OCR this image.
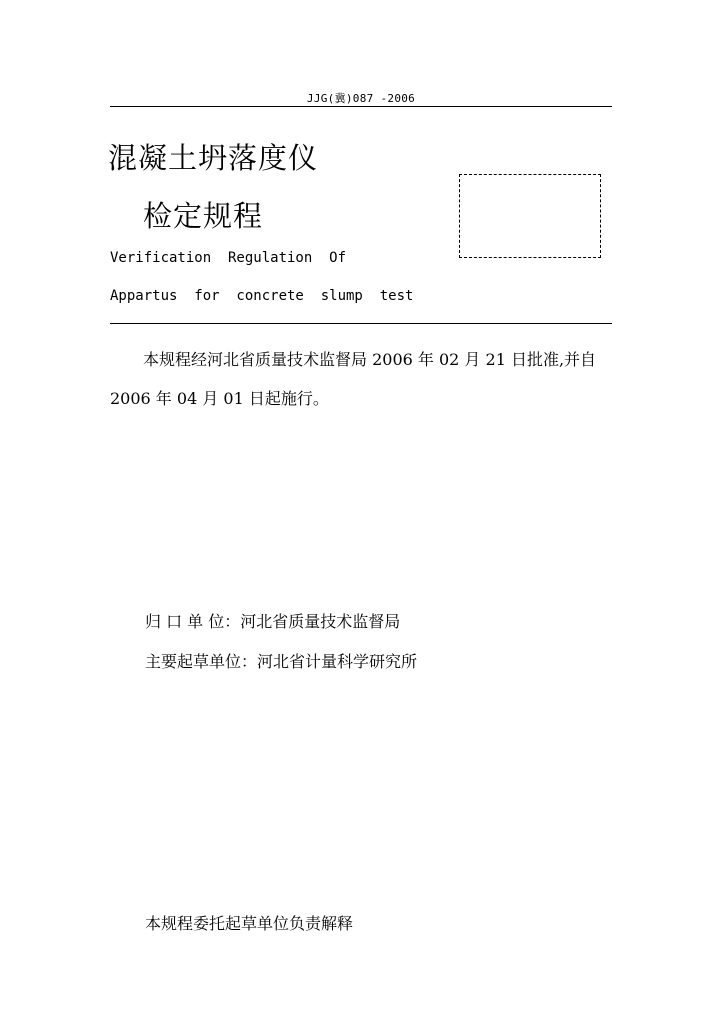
JJG(冀)087 -2006
混凝土坍落度仪
检定规程
Verification  Regulation  Of
Appartus  for  concrete  slump  test
本规程经河北省质量技术监督局 2006 年 02 月 21 日批准,并自 2006 年 04 月 01 日起施行。
归 口 单 位：河北省质量技术监督局
主要起草单位：河北省计量科学研究所
本规程委托起草单位负责解释
